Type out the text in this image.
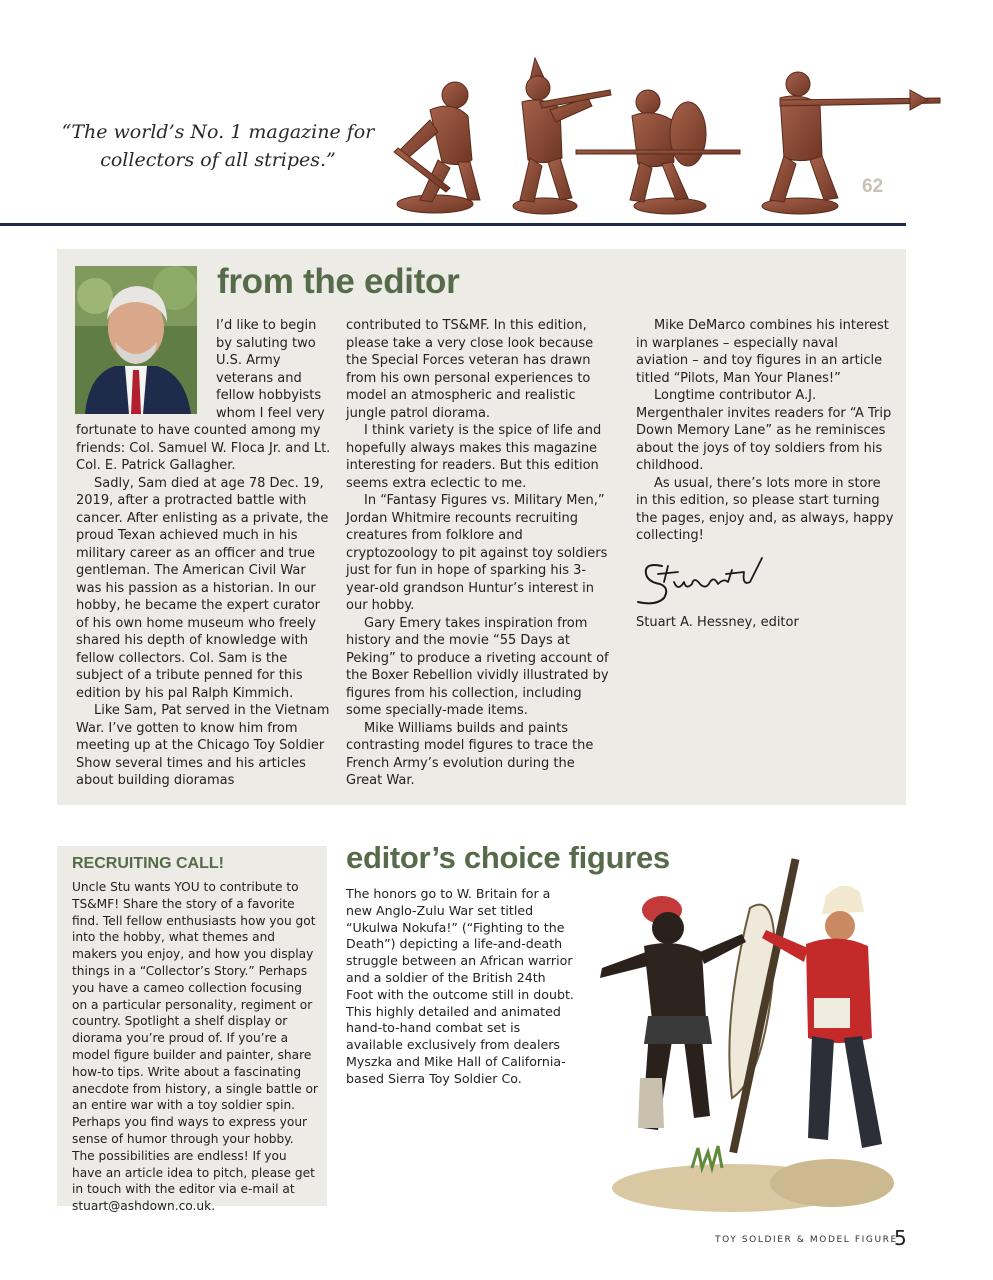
“The world’s No. 1 magazine for
collectors of all stripes.”
62
from the editor

I’d like to begin by saluting two U.S. Army veterans and fellow hobbyists whom I feel very fortunate to have counted among my friends: Col. Samuel W. Floca Jr. and Lt. Col. E. Patrick Gallagher.

Sadly, Sam died at age 78 Dec. 19, 2019, after a protracted battle with cancer. After enlisting as a private, the proud Texan achieved much in his military career as an officer and true gentleman. The American Civil War was his passion as a historian. In our hobby, he became the expert curator of his own home museum who freely shared his depth of knowledge with fellow collectors. Col. Sam is the subject of a tribute penned for this edition by his pal Ralph Kimmich.

Like Sam, Pat served in the Vietnam War. I’ve gotten to know him from meeting up at the Chicago Toy Soldier Show several times and his articles about building dioramas

contributed to TS&MF. In this edition, please take a very close look because the Special Forces veteran has drawn from his own personal experiences to model an atmospheric and realistic jungle patrol diorama.

I think variety is the spice of life and hopefully always makes this magazine interesting for readers. But this edition seems extra eclectic to me.

In “Fantasy Figures vs. Military Men,” Jordan Whitmire recounts recruiting creatures from folklore and cryptozoology to pit against toy soldiers just for fun in hope of sparking his 3-year-old grandson Huntur’s interest in our hobby.

Gary Emery takes inspiration from history and the movie “55 Days at Peking” to produce a riveting account of the Boxer Rebellion vividly illustrated by figures from his collection, including some specially-made items.

Mike Williams builds and paints contrasting model figures to trace the French Army’s evolution during the Great War.

Mike DeMarco combines his interest in warplanes – especially naval aviation – and toy figures in an article titled “Pilots, Man Your Planes!”

Longtime contributor A.J. Mergenthaler invites readers for “A Trip Down Memory Lane” as he reminisces about the joys of toy soldiers from his childhood.

As usual, there’s lots more in store in this edition, so please start turning the pages, enjoy and, as always, happy collecting!

Stuart A. Hessney, editor
RECRUITING CALL!
Uncle Stu wants YOU to contribute to TS&MF! Share the story of a favorite find. Tell fellow enthusiasts how you got into the hobby, what themes and makers you enjoy, and how you display things in a “Collector’s Story.” Perhaps you have a cameo collection focusing on a particular personality, regiment or country. Spotlight a shelf display or diorama you’re proud of. If you’re a model figure builder and painter, share how-to tips. Write about a fascinating anecdote from history, a single battle or an entire war with a toy soldier spin. Perhaps you find ways to express your sense of humor through your hobby. The possibilities are endless! If you have an article idea to pitch, please get in touch with the editor via e-mail at stuart@ashdown.co.uk.
editor’s choice figures
The honors go to W. Britain for a new Anglo-Zulu War set titled “Ukulwa Nokufa!” (“Fighting to the Death”) depicting a life-and-death struggle between an African warrior and a soldier of the British 24th Foot with the outcome still in doubt. This highly detailed and animated hand-to-hand combat set is available exclusively from dealers Myszka and Mike Hall of California-based Sierra Toy Soldier Co.
TOY SOLDIER & MODEL FIGURE
5
